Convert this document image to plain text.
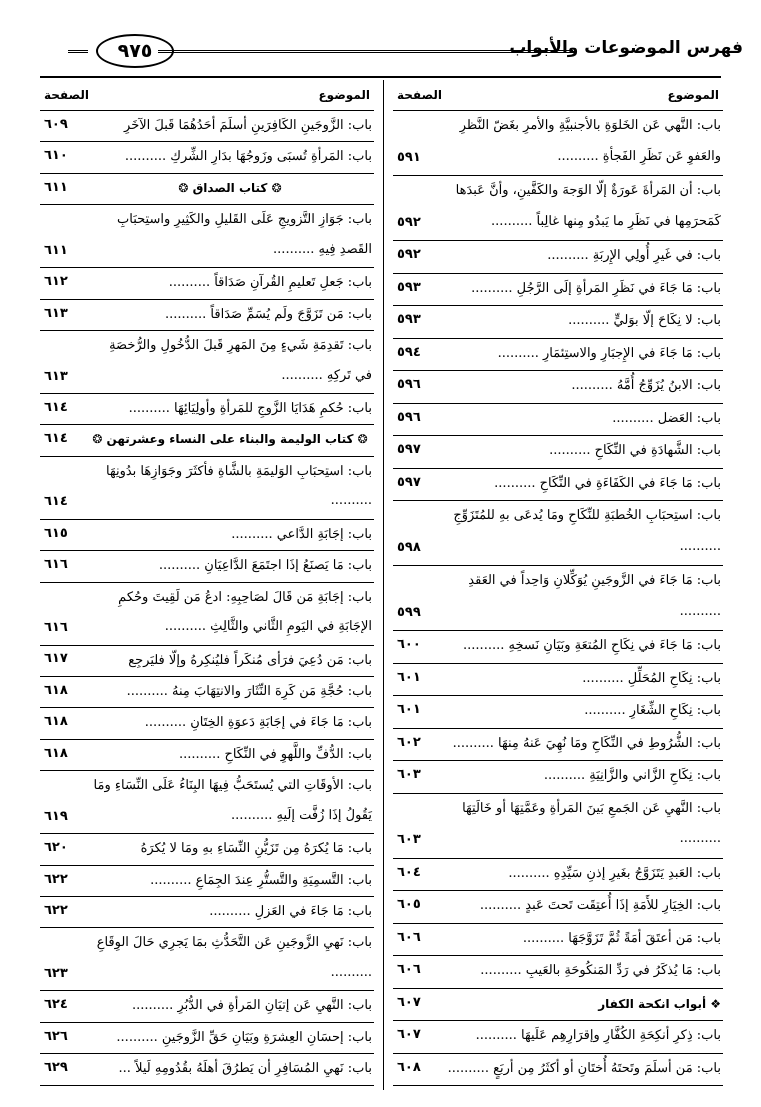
فهرس الموضوعات والأبواب
٩٧٥
الموضوع
الصفحة
باب: النَّهي عَن الخَلوَةِ بالأجنبيَّةِ والأمرِ بغَضّ النَّظرِ والعَفوِ عَن نَظَرِ الفَجأةِ ..........
٥٩١
باب: أن المَرأةَ عَورَةٌ إلّا الوَجهَ والكَفَّينِ، وأنَّ عَبدَها كَمَحرَمِها في نَظَرِ ما يَبدُو مِنها غالِباً ..........
٥٩٢
باب: في غَيرِ أُولِي الإِربَةِ ..........
٥٩٢
باب: مَا جَاءَ في نَظَرِ المَرأةِ إلَى الرَّجُلِ ..........
٥٩٣
باب: لا نِكَاحَ إلّا بوَليٍّ ..........
٥٩٣
باب: مَا جَاءَ في الإِجبَارِ والاستِئمَارِ ..........
٥٩٤
باب: الابنُ يُزَوِّجُ أُمَّهُ ..........
٥٩٦
باب: العَضل ..........
٥٩٦
باب: الشَّهادَةِ في النِّكَاحِ ..........
٥٩٧
باب: مَا جَاءَ في الكَفَاءَةِ في النِّكَاحِ ..........
٥٩٧
باب: استِحبَابِ الخُطبَةِ للنِّكَاحِ ومَا يُدعَى بهِ للمُتَزَوِّجِ ..........
٥٩٨
باب: مَا جَاءَ في الزَّوجَينِ يُوَكِّلانِ وَاحِداً في العَقدِ ..........
٥٩٩
باب: مَا جَاءَ في نِكَاحِ المُتعَةِ وبَيَانِ نَسخِهِ ..........
٦٠٠
باب: نِكَاحِ المُحَلِّلِ ..........
٦٠١
باب: نِكَاحِ الشِّغَارِ ..........
٦٠١
باب: الشُّرُوطِ في النِّكَاحِ ومَا نُهِيَ عَنهُ مِنهَا ..........
٦٠٢
باب: نِكَاحِ الزَّاني والزَّانِيَةِ ..........
٦٠٣
باب: النَّهيِ عَن الجَمعِ بَينَ المَرأةِ وعَمَّتِهَا أو خَالَتِهَا ..........
٦٠٣
باب: العَبدِ يَتَزَوَّجُ بغَيرِ إذنِ سَيِّدِهِ ..........
٦٠٤
باب: الخِيَارِ للأَمَةِ إذَا أُعتِقَت تَحتَ عَبدٍ ..........
٦٠٥
باب: مَن أعتَقَ أمَةً ثُمَّ تَزَوَّجَهَا ..........
٦٠٦
باب: مَا يُذكَرُ في رَدِّ المَنكُوحَةِ بالعَيبِ ..........
٦٠٦
❖ أبواب انكحة الكفار
٦٠٧
باب: ذِكرِ أنكِحَةِ الكُفَّارِ وإقرَارِهِم عَلَيهَا ..........
٦٠٧
باب: مَن أسلَمَ وتَحتَهُ أُختَانِ أو أكثَرُ مِن أربَعٍ ..........
٦٠٨
الموضوع
الصفحة
باب: الزَّوجَينِ الكَافِرَينِ أسلَمَ أحَدُهُمَا قَبلَ الآخَرِ
٦٠٩
باب: المَرأةِ تُسبَى وزَوجُهَا بدَارِ الشِّركِ ..........
٦١٠
❂ كتاب الصداق ❂
٦١١
باب: جَوَازِ التَّزويجِ عَلَى القَليلِ والكَثِيرِ واستِحبَابِ القَصدِ فِيهِ ..........
٦١١
باب: جَعلِ تَعليمِ القُرآنِ صَدَاقاً ..........
٦١٢
باب: مَن تَزَوَّجَ ولَم يُسَمِّ صَدَاقاً ..........
٦١٣
باب: تَقدِمَةِ شَيءٍ مِنَ المَهرِ قَبلَ الدُّخُولِ والرُّخصَةِ في تَركِهِ ..........
٦١٣
باب: حُكمِ هَدَايَا الزَّوجِ للمَرأةِ وأولِيَائِهَا ..........
٦١٤
❂ كتاب الوليمة والبناء على النساء وعشرتهن ❂
٦١٤
باب: استِحبَابِ الوَليمَةِ بالشَّاةِ فأكثَرَ وجَوَازِهَا بدُونِهَا ..........
٦١٤
باب: إجَابَةِ الدَّاعي ..........
٦١٥
باب: مَا يَصنَعُ إذَا اجتَمَعَ الدَّاعِيَانِ ..........
٦١٦
باب: إجَابَةِ مَن قَالَ لصَاحِبِهِ: ادعُ مَن لَقِيتَ وحُكمِ الإجَابَةِ في اليَومِ الثَّاني والثَّالِثِ ..........
٦١٦
باب: مَن دُعِيَ فرَأى مُنكَراً فليُنكِرهُ وإلّا فليَرجِع
٦١٧
باب: حُجَّةِ مَن كَرِهَ النِّثَارَ والانتِهَابَ مِنهُ ..........
٦١٨
باب: مَا جَاءَ في إجَابَةِ دَعوَةِ الخِتَانِ ..........
٦١٨
باب: الدُّفِّ واللَّهوِ في النِّكَاحِ ..........
٦١٨
باب: الأوقَاتِ التي يُستَحَبُّ فِيهَا البِنَاءُ عَلَى النِّسَاءِ ومَا يَقُولُ إذَا زُفَّت إلَيهِ ..........
٦١٩
باب: مَا يُكرَهُ مِن تَزَيُّنِ النِّسَاءِ بهِ ومَا لا يُكرَهُ
٦٢٠
باب: التَّسمِيَةِ والتَّستُّرِ عِندَ الجِمَاعِ ..........
٦٢٢
باب: مَا جَاءَ في العَزلِ ..........
٦٢٢
باب: نَهيِ الزَّوجَينِ عَن التَّحَدُّثِ بمَا يَجرِي حَالَ الوِقَاعِ ..........
٦٢٣
باب: النَّهيِ عَن إتيَانِ المَرأةِ في الدُّبُرِ ..........
٦٢٤
باب: إحسَانِ العِشرَةِ وبَيَانِ حَقِّ الزَّوجَينِ ..........
٦٢٦
باب: نَهيِ المُسَافِرِ أن يَطرُقَ أهلَهُ بقُدُومِهِ لَيلاً ...
٦٢٩
